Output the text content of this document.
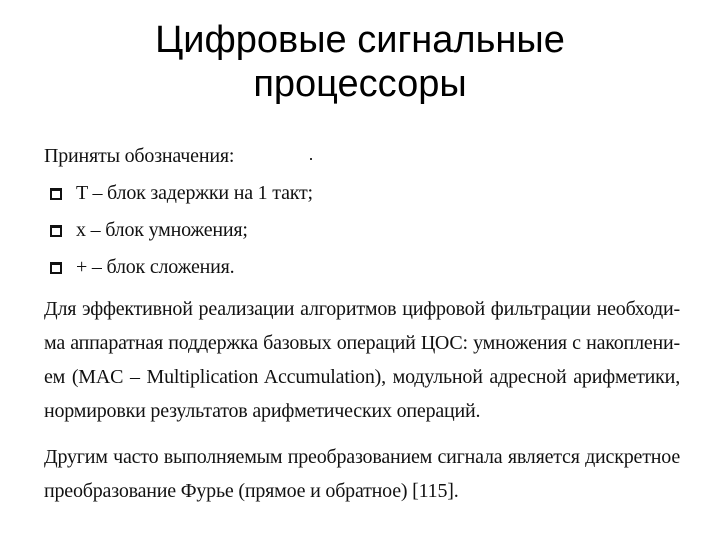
Цифровые сигнальные
процессоры
Приняты обозначения:
T – блок задержки на 1 такт;
x – блок умножения;
+ – блок сложения.
Для эффективной реализации алгоритмов цифровой фильтрации необходи-
ма аппаратная поддержка базовых операций ЦОС: умножения с накоплени-
ем (MAC – Multiplication Accumulation), модульной адресной арифметики,
нормировки результатов арифметических операций.
Другим часто выполняемым преобразованием сигнала является дискретное
преобразование Фурье (прямое и обратное) [115].
